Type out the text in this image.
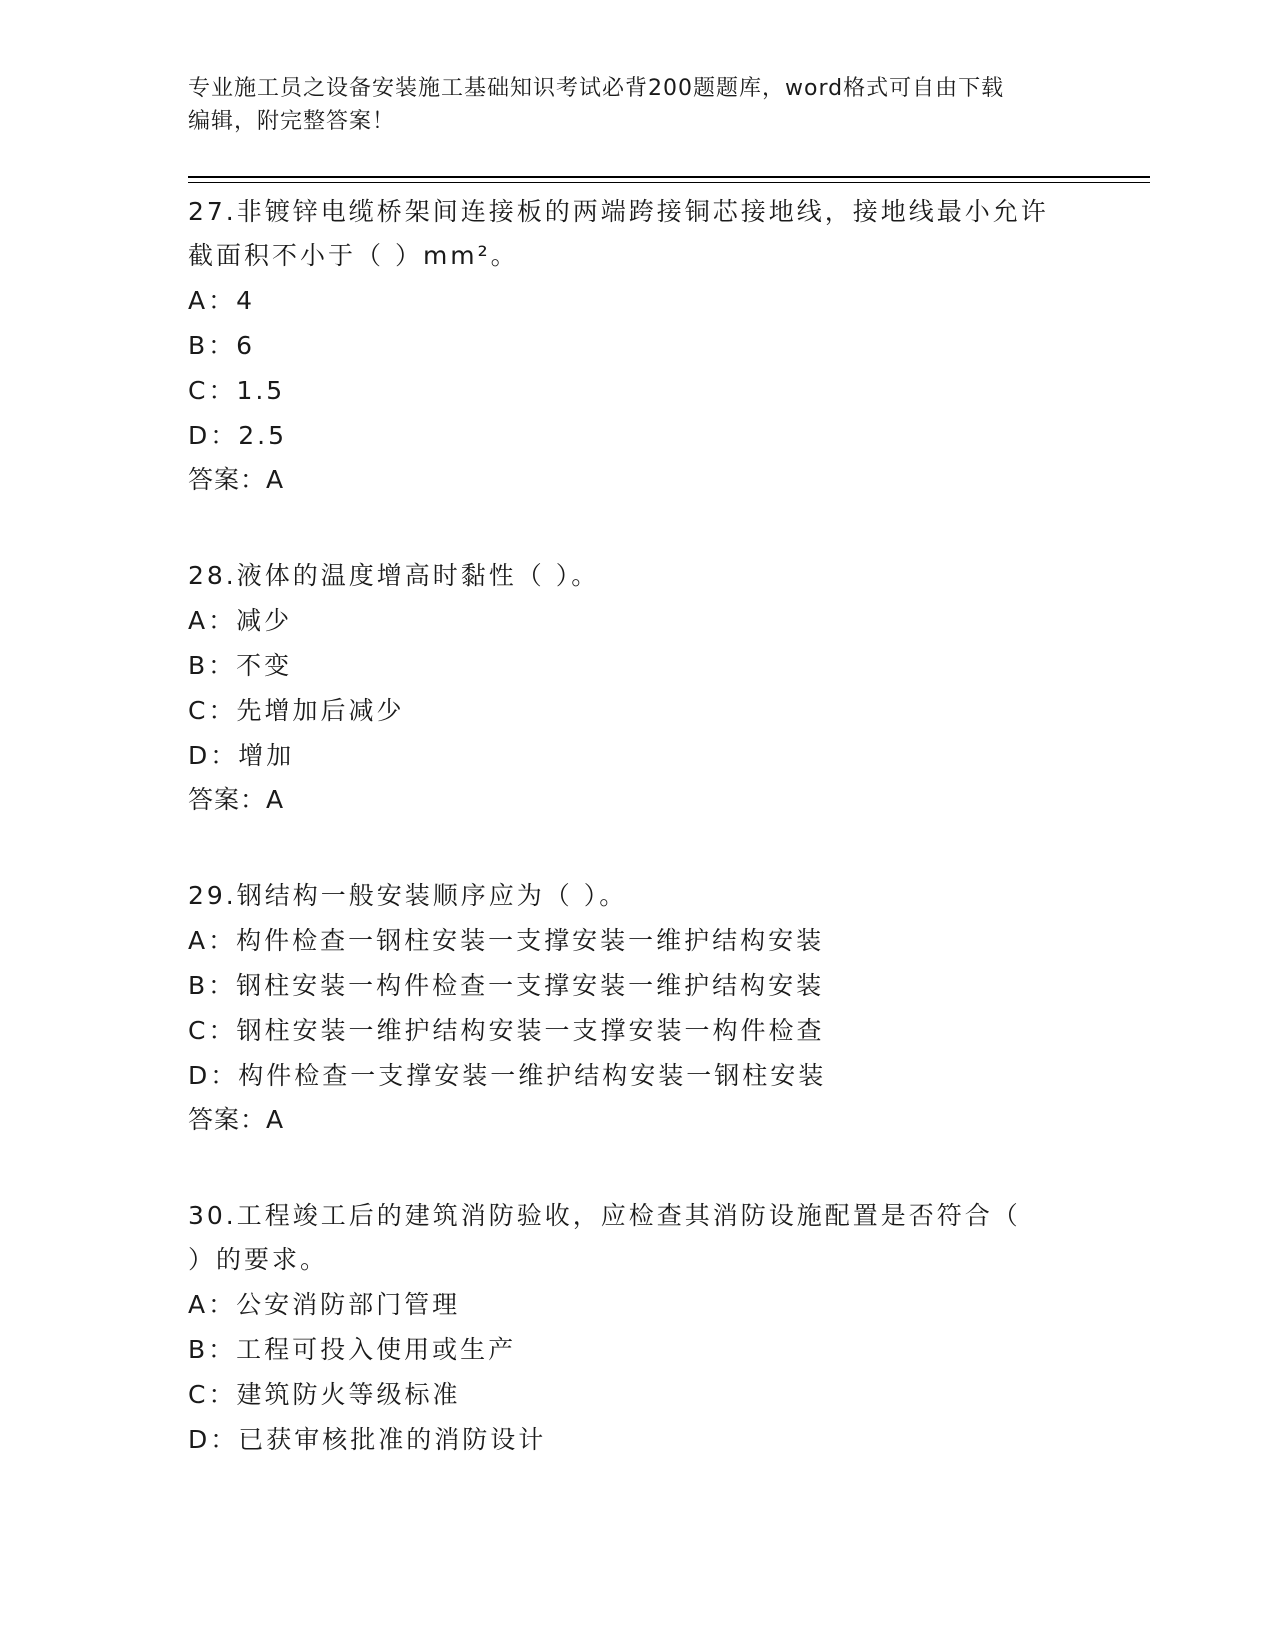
专业施工员之设备安装施工基础知识考试必背200题题库，word格式可自由下载
编辑，附完整答案！
27.非镀锌电缆桥架间连接板的两端跨接铜芯接地线，接地线最小允许
截面积不小于（ ）mm²。
A：4
B：6
C：1.5
D：2.5
答案：A
28.液体的温度增高时黏性（ ）。
A：减少
B：不变
C：先增加后减少
D：增加
答案：A
29.钢结构一般安装顺序应为（ ）。
A：构件检查一钢柱安装一支撑安装一维护结构安装
B：钢柱安装一构件检查一支撑安装一维护结构安装
C：钢柱安装一维护结构安装一支撑安装一构件检查
D：构件检查一支撑安装一维护结构安装一钢柱安装
答案：A
30.工程竣工后的建筑消防验收，应检查其消防设施配置是否符合（
）的要求。
A：公安消防部门管理
B：工程可投入使用或生产
C：建筑防火等级标准
D：已获审核批准的消防设计
